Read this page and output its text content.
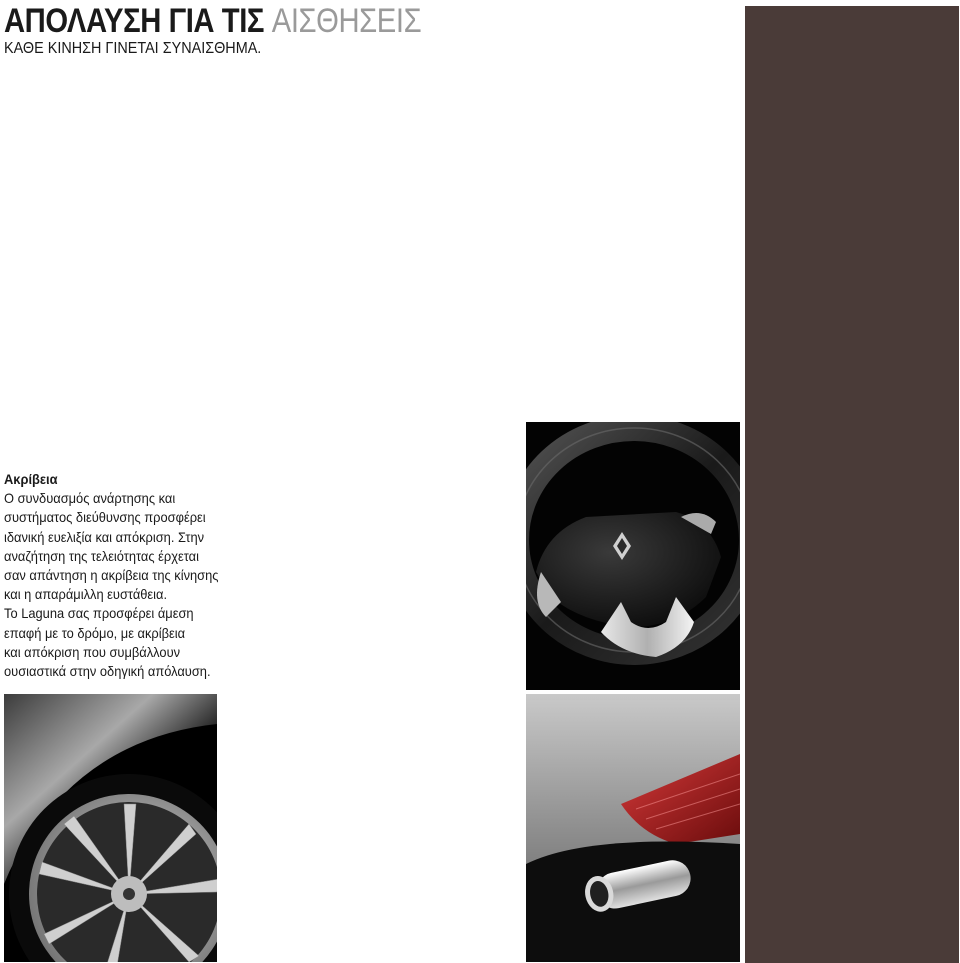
ΑΠΟΛΑΥΣΗ ΓΙΑ ΤΙΣ ΑΙΣΘΗΣΕΙΣ
ΚΑΘΕ ΚΙΝΗΣΗ ΓΙΝΕΤΑΙ ΣΥΝΑΙΣΘΗΜΑ.
Ακρίβεια

Ο συνδυασμός ανάρτησης και
συστήματος διεύθυνσης προσφέρει
ιδανική ευελιξία και απόκριση. Στην
αναζήτηση της τελειότητας έρχεται
σαν απάντηση η ακρίβεια της κίνησης
και η απαράμιλλη ευστάθεια.

Το Laguna σας προσφέρει άμεση
επαφή με το δρόμο, με ακρίβεια
και απόκριση που συμβάλλουν
ουσιαστικά στην οδηγική απόλαυση.
